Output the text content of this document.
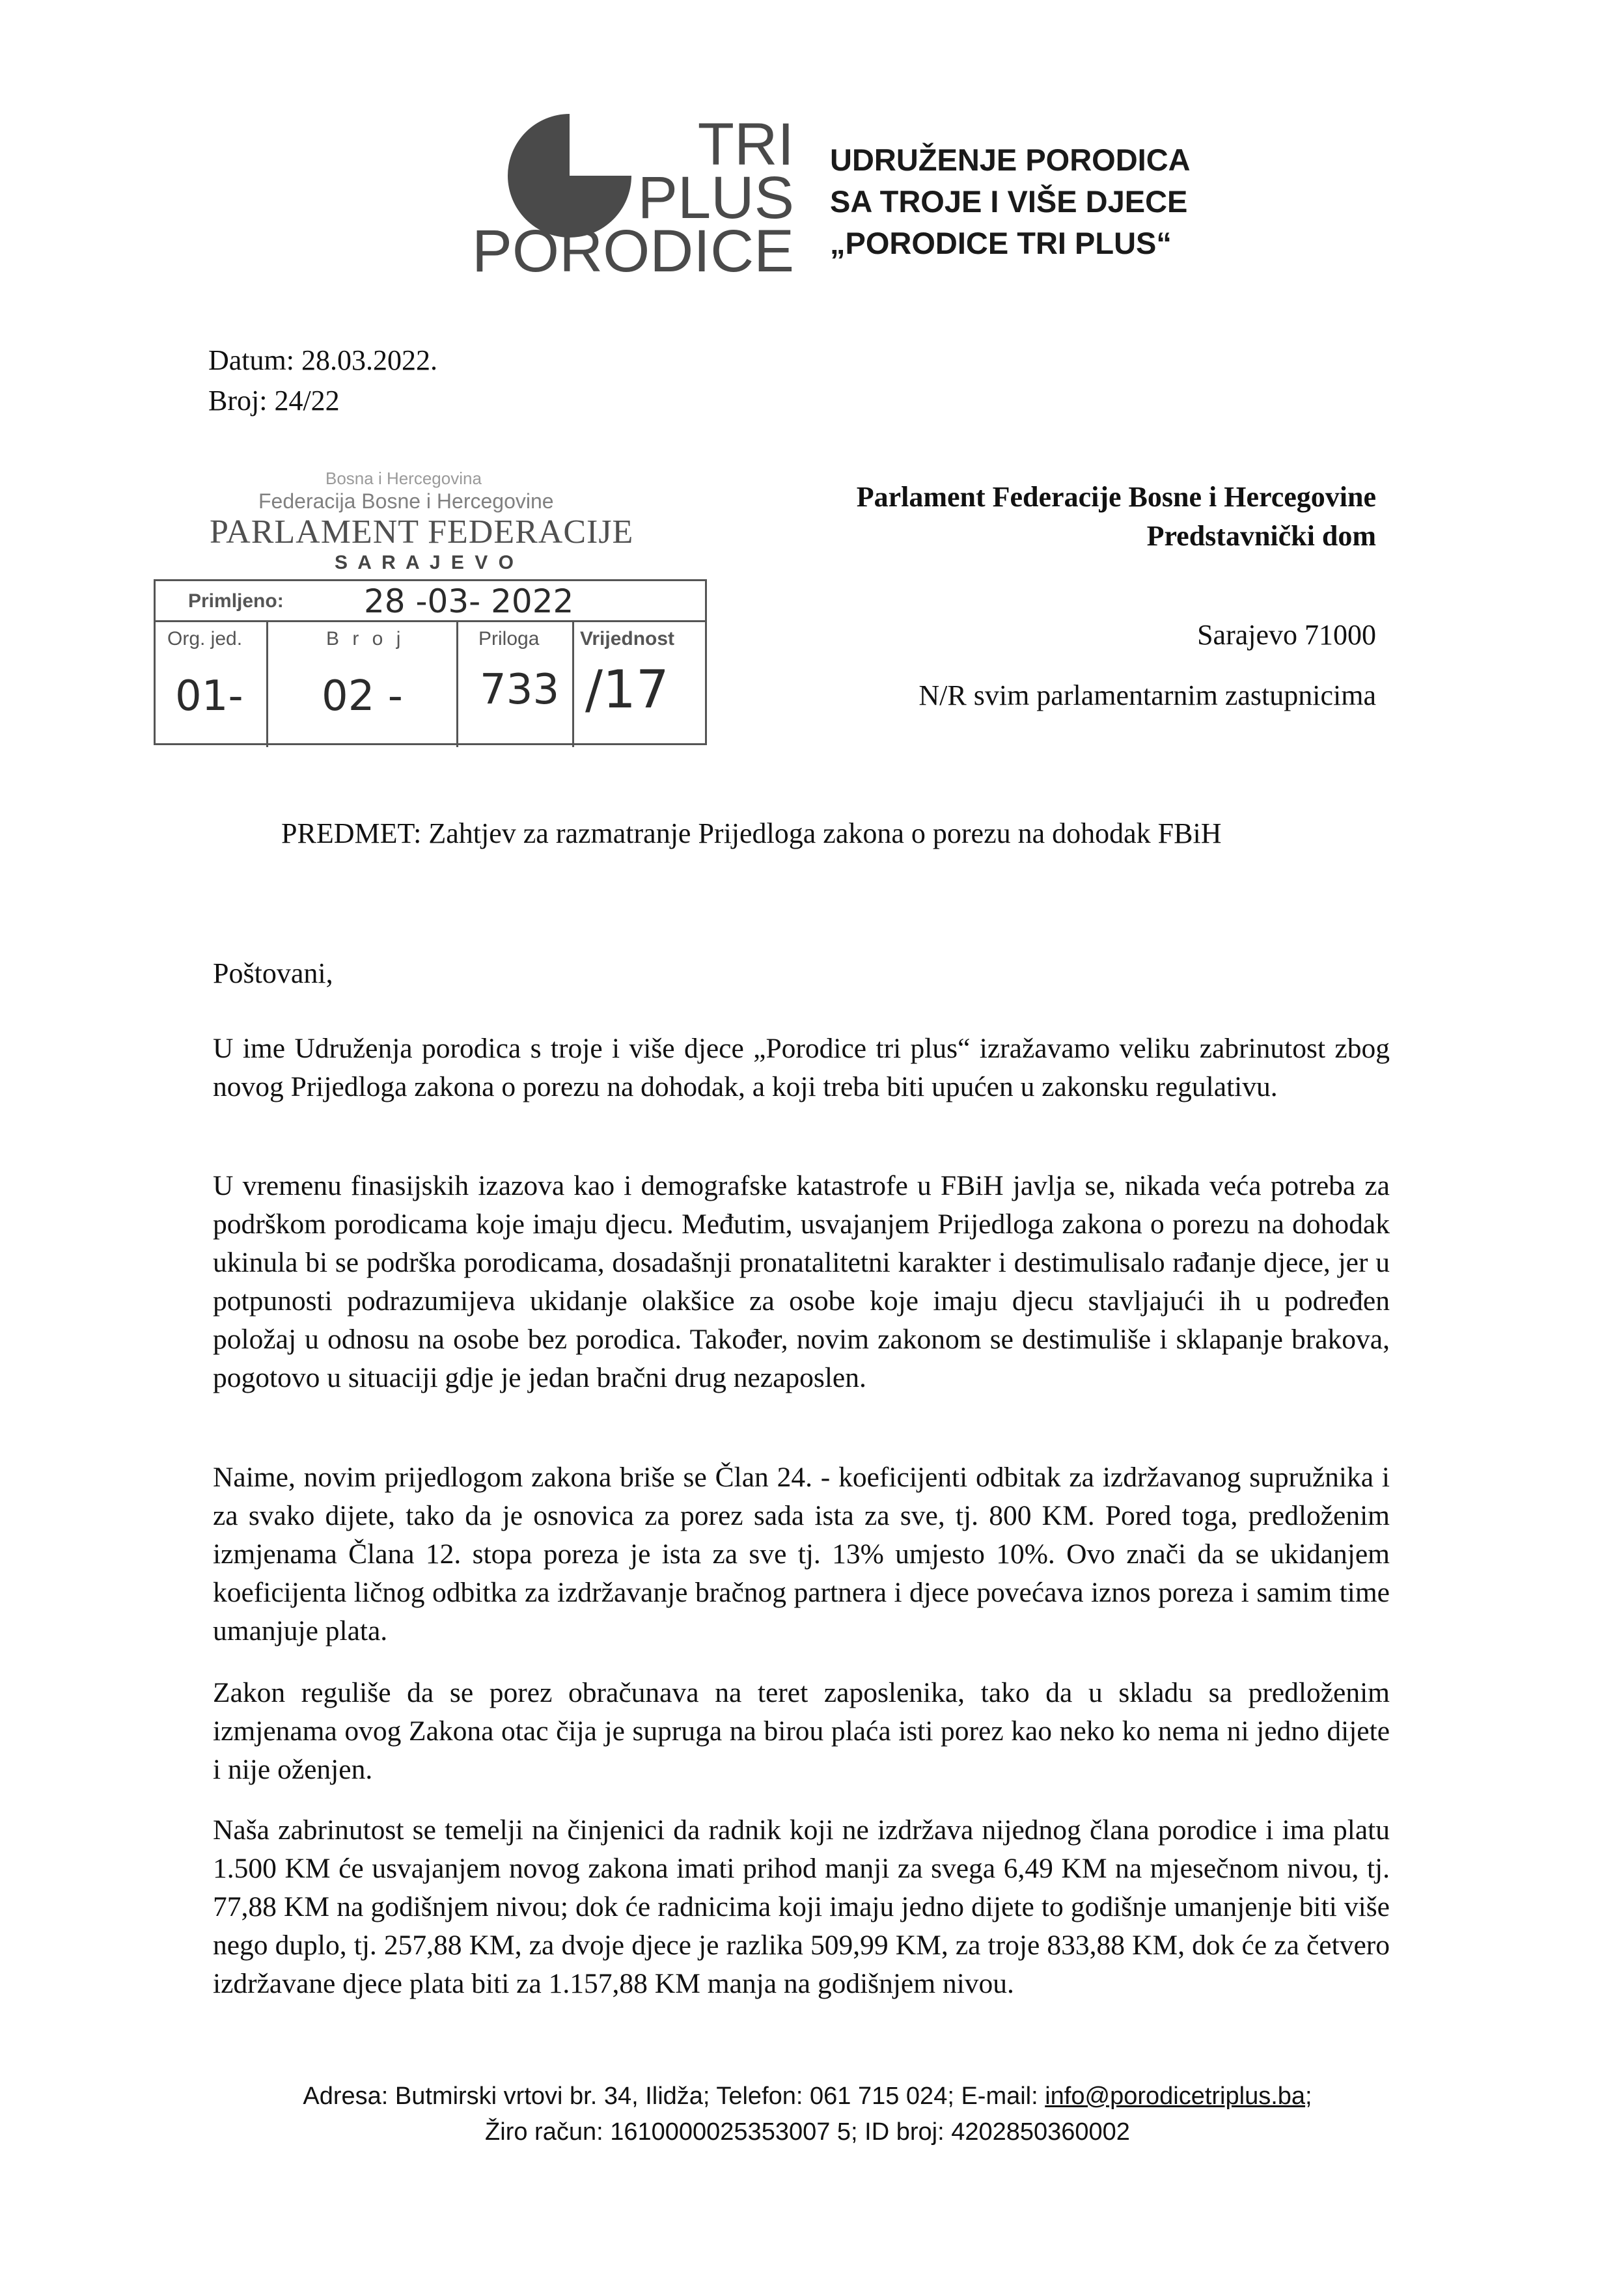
TRI
PLUS
PORODICE
UDRUŽENJE PORODICA
SA TROJE I VIŠE DJECE
„PORODICE TRI PLUS“
Datum: 28.03.2022.
Broj: 24/22
Bosna i Hercegovina
Federacija Bosne i Hercegovine
PARLAMENT FEDERACIJE
S A R A J E V O
Primljeno: 28 -03- 2022
Org. jed.	B r o j	Priloga Vrijednost
01- 02 - 733 /17
Parlament Federacije Bosne i Hercegovine
Predstavnički dom
Sarajevo 71000
N/R svim parlamentarnim zastupnicima
PREDMET: Zahtjev za razmatranje Prijedloga zakona o porezu na dohodak FBiH
Poštovani,
U ime Udruženja porodica s troje i više djece „Porodice tri plus“ izražavamo veliku zabrinutost zbog novog Prijedloga zakona o porezu na dohodak, a koji treba biti upućen u zakonsku regulativu.
U vremenu finasijskih izazova kao i demografske katastrofe u FBiH javlja se, nikada veća potreba za podrškom porodicama koje imaju djecu. Međutim, usvajanjem Prijedloga zakona o porezu na dohodak ukinula bi se podrška porodicama, dosadašnji pronatalitetni karakter i destimulisalo rađanje djece, jer u potpunosti podrazumijeva ukidanje olakšice za osobe koje imaju djecu stavljajući ih u podređen položaj u odnosu na osobe bez porodica. Također, novim zakonom se destimuliše i sklapanje brakova, pogotovo u situaciji gdje je jedan bračni drug nezaposlen.
Naime, novim prijedlogom zakona briše se Član 24. - koeficijenti odbitak za izdržavanog supružnika i za svako dijete, tako da je osnovica za porez sada ista za sve, tj. 800 KM. Pored toga, predloženim izmjenama Člana 12. stopa poreza je ista za sve tj. 13% umjesto 10%. Ovo znači da se ukidanjem koeficijenta ličnog odbitka za izdržavanje bračnog partnera i djece povećava iznos poreza i samim time umanjuje plata.
Zakon reguliše da se porez obračunava na teret zaposlenika, tako da u skladu sa predloženim izmjenama ovog Zakona otac čija je supruga na birou plaća isti porez kao neko ko nema ni jedno dijete i nije oženjen.
Naša zabrinutost se temelji na činjenici da radnik koji ne izdržava nijednog člana porodice i ima platu 1.500 KM će usvajanjem novog zakona imati prihod manji za svega 6,49 KM na mjesečnom nivou, tj. 77,88 KM na godišnjem nivou; dok će radnicima koji imaju jedno dijete to godišnje umanjenje biti više nego duplo, tj. 257,88 KM, za dvoje djece je razlika 509,99 KM, za troje 833,88 KM, dok će za četvero izdržavane djece plata biti za 1.157,88 KM manja na godišnjem nivou.
Adresa: Butmirski vrtovi br. 34, Ilidža; Telefon: 061 715 024; E-mail: info@porodicetriplus.ba;
Žiro račun: 1610000025353007 5; ID broj: 4202850360002
